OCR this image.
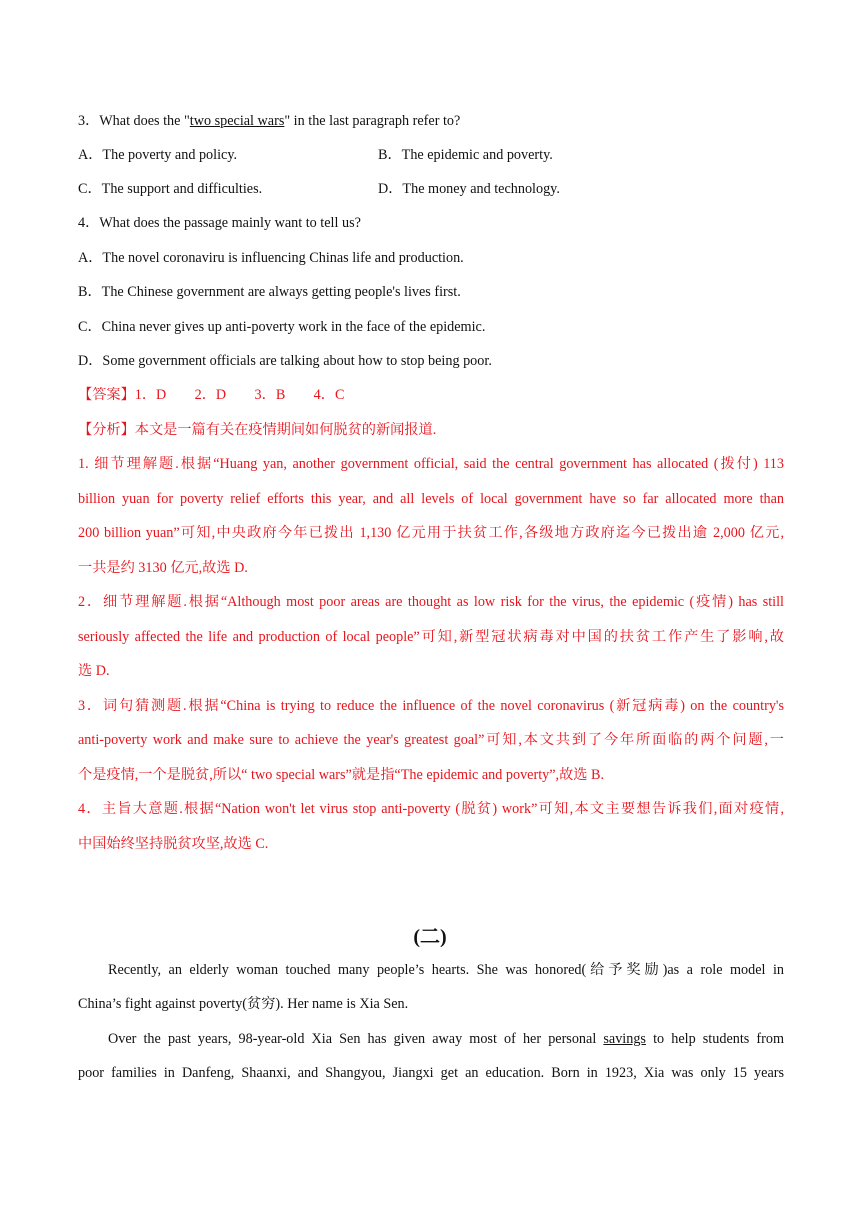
3．What does the "two special wars" in the last paragraph refer to?
A．The poverty and policy.	B．The epidemic and poverty.
C．The support and difficulties.	D．The money and technology.
4．What does the passage mainly want to tell us?
A．The novel coronaviru is influencing Chinas life and production.
B．The Chinese government are always getting people's lives first.
C．China never gives up anti-poverty work in the face of the epidemic.
D．Some government officials are talking about how to stop being poor.
【答案】1．D　　2．D　　3．B　　4．C
【分析】本文是一篇有关在疫情期间如何脱贫的新闻报道.
1. 细节理解题.根据“Huang yan, another government official, said the central government has allocated (拨付) 113
billion yuan for poverty relief efforts this year, and all levels of local government have so far allocated more than
200 billion yuan”可知,中央政府今年已拨出 1,130 亿元用于扶贫工作,各级地方政府迄今已拨出逾 2,000 亿元,
一共是约 3130 亿元,故选 D.
2．细节理解题.根据“Although most poor areas are thought as low risk for the virus, the epidemic (疫情) has still
seriously affected the life and production of local people”可知,新型冠状病毒对中国的扶贫工作产生了影响,故
选 D.
3．词句猜测题.根据“China is trying to reduce the influence of the novel coronavirus (新冠病毒) on the country's
anti-poverty work and make sure to achieve the year's greatest goal”可知,本文共到了今年所面临的两个问题,一
个是疫情,一个是脱贫,所以“ two special wars”就是指“The epidemic and poverty”,故选 B.
4．主旨大意题.根据“Nation won't let virus stop anti-poverty (脱贫) work”可知,本文主要想告诉我们,面对疫情,
中国始终坚持脱贫攻坚,故选 C.
(二)
Recently, an elderly woman touched many people’s hearts. She was honored(给予奖励)as a role model in
China’s fight against poverty(贫穷). Her name is Xia Sen.
Over the past years, 98-year-old Xia Sen has given away most of her personal savings to help students from
poor families in Danfeng, Shaanxi, and Shangyou, Jiangxi get an education. Born in 1923, Xia was only 15 years
